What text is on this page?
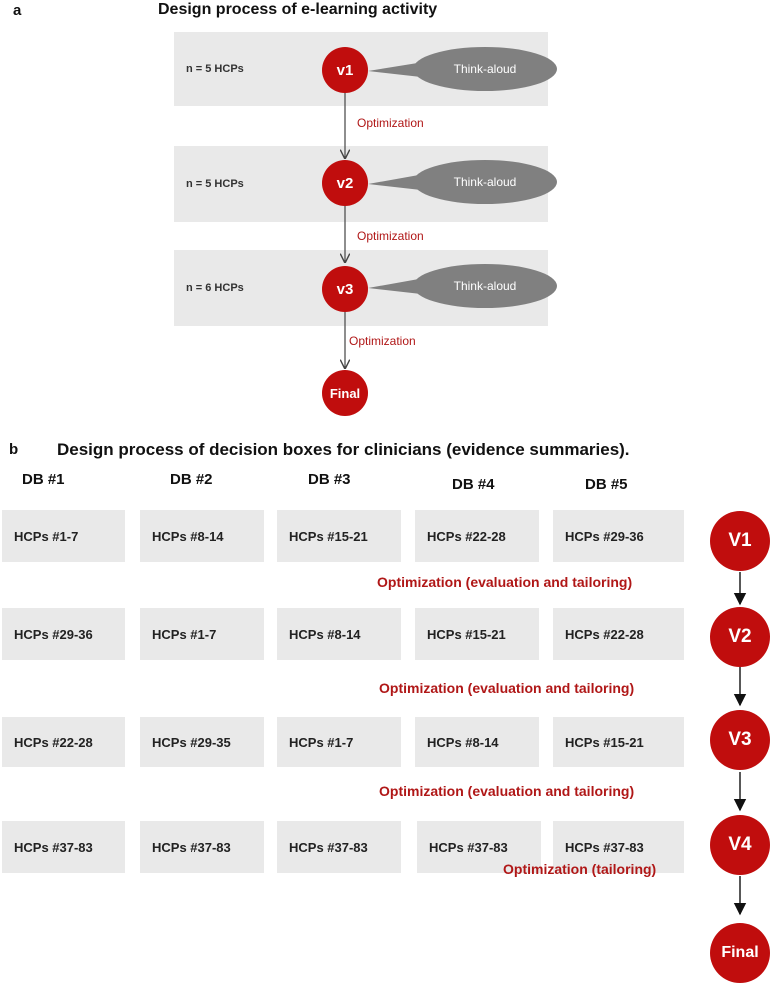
a	Design process of e-learning activity
n = 5 HCPs
n = 5 HCPs
n = 6 HCPs
Think-aloud
Think-aloud
Think-aloud
v1
v2
v3
Final
Optimization
Optimization
Optimization
b Design process of decision boxes for clinicians (evidence summaries).
DB #1	DB #2	DB #3	DB #4	DB #5
HCPs #1-7	HCPs #8-14	HCPs #15-21	HCPs #22-28	HCPs #29-36	V1
Optimization (evaluation and tailoring)
HCPs #29-36	HCPs #1-7	HCPs #8-14	HCPs #15-21	HCPs #22-28	V2
Optimization (evaluation and tailoring)
HCPs #22-28	HCPs #29-35	HCPs #1-7	HCPs #8-14	HCPs #15-21	V3
Optimization (evaluation and tailoring)
HCPs #37-83	HCPs #37-83	HCPs #37-83	HCPs #37-83	HCPs #37-83	V4
Optimization (tailoring)
Final
